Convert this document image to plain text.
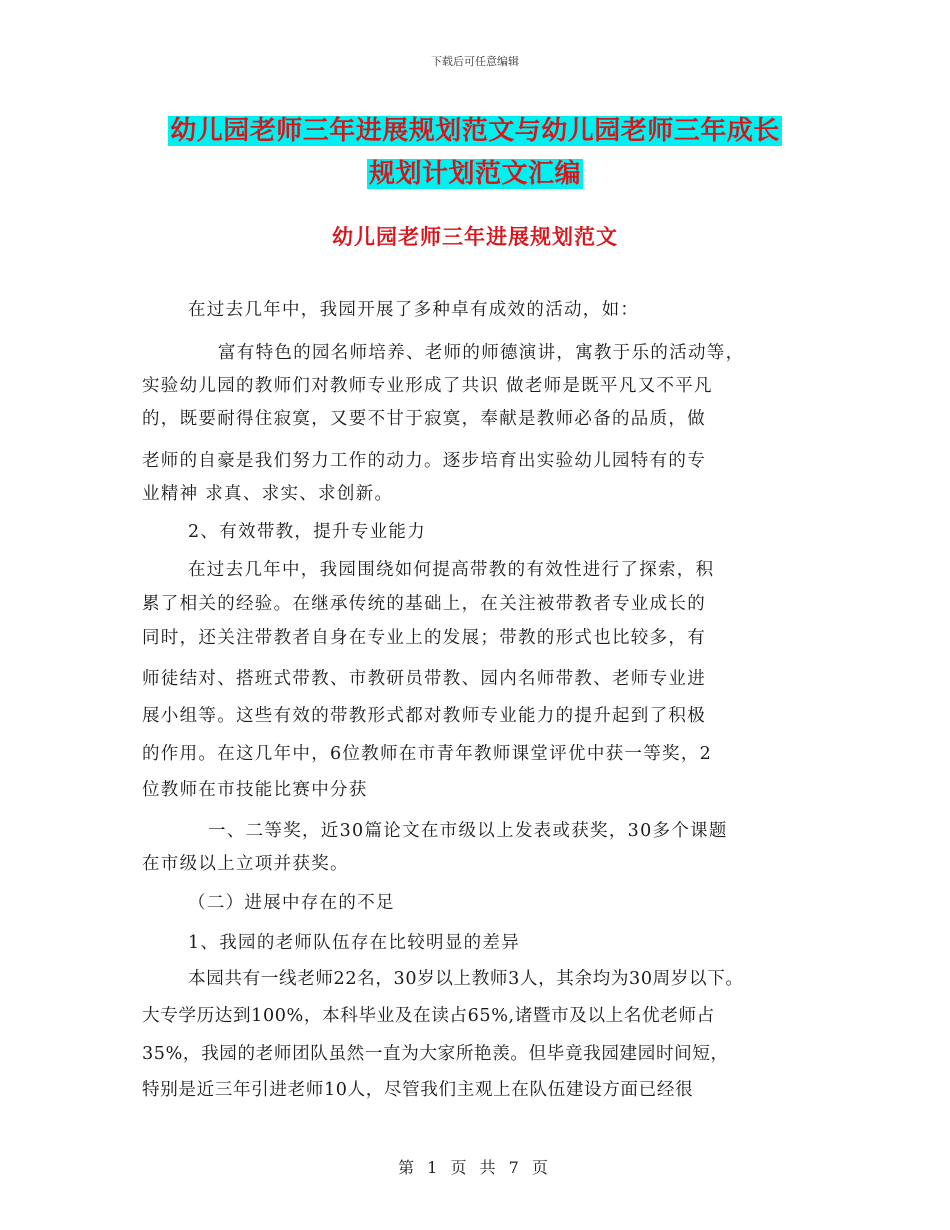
下载后可任意编辑
幼儿园老师三年进展规划范文与幼儿园老师三年成长
规划计划范文汇编
幼儿园老师三年进展规划范文
在过去几年中，我园开展了多种卓有成效的活动，如：
富有特色的园名师培养、老师的师德演讲，寓教于乐的活动等，
实验幼儿园的教师们对教师专业形成了共识 做老师是既平凡又不平凡
的，既要耐得住寂寞，又要不甘于寂寞，奉献是教师必备的品质，做
老师的自豪是我们努力工作的动力。逐步培育出实验幼儿园特有的专
业精神 求真、求实、求创新。
2、有效带教，提升专业能力
在过去几年中，我园围绕如何提高带教的有效性进行了探索，积
累了相关的经验。在继承传统的基础上，在关注被带教者专业成长的
同时，还关注带教者自身在专业上的发展；带教的形式也比较多，有
师徒结对、搭班式带教、市教研员带教、园内名师带教、老师专业进
展小组等。这些有效的带教形式都对教师专业能力的提升起到了积极
的作用。在这几年中，6位教师在市青年教师课堂评优中获一等奖，2
位教师在市技能比赛中分获
一、二等奖，近30篇论文在市级以上发表或获奖，30多个课题
在市级以上立项并获奖。
（二）进展中存在的不足
1、我园的老师队伍存在比较明显的差异
本园共有一线老师22名，30岁以上教师3人，其余均为30周岁以下。
大专学历达到100%，本科毕业及在读占65%,诸暨市及以上名优老师占
35%，我园的老师团队虽然一直为大家所艳羡。但毕竟我园建园时间短，
特别是近三年引进老师10人，尽管我们主观上在队伍建设方面已经很
第 1 页 共 7 页
